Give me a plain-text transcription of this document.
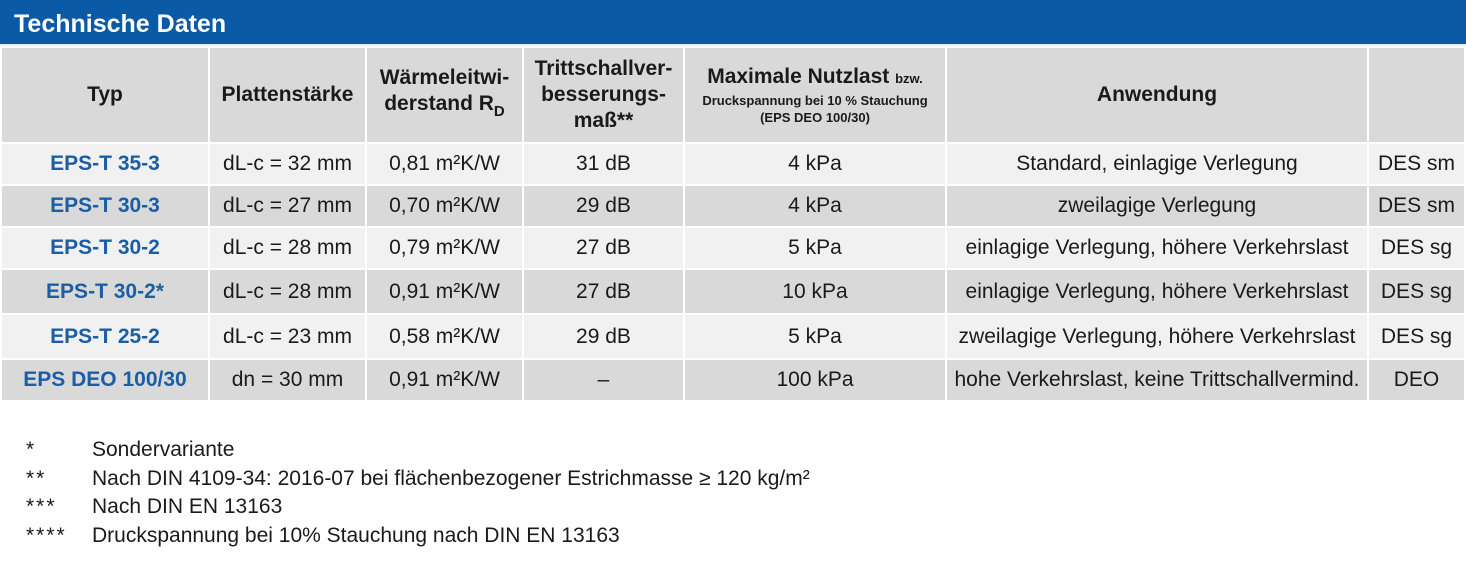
Technische Daten
Typ	Plattenstärke	Wärmeleitwi-
derstand $R_D$	Trittschallver-
besserungs-
maß**	Maximale Nutzlast bzw.
Druckspannung bei 10 % Stauchung
(EPS DEO 100/30)	Anwendung	
EPS-T 35-3	dL-c = 32 mm	0,81 m²K/W	31 dB	4 kPa	Standard, einlagige Verlegung	DES sm
EPS-T 30-3	dL-c = 27 mm	0,70 m²K/W	29 dB	4 kPa	zweilagige Verlegung	DES sm
EPS-T 30-2	dL-c = 28 mm	0,79 m²K/W	27 dB	5 kPa	einlagige Verlegung, höhere Verkehrslast	DES sg
EPS-T 30-2*	dL-c = 28 mm	0,91 m²K/W	27 dB	10 kPa	einlagige Verlegung, höhere Verkehrslast	DES sg
EPS-T 25-2	dL-c = 23 mm	0,58 m²K/W	29 dB	5 kPa	zweilagige Verlegung, höhere Verkehrslast	DES sg
EPS DEO 100/30	dn = 30 mm	0,91 m²K/W	–	100 kPa	hohe Verkehrslast, keine Trittschallvermind.	DEO
*	Sondervariante
**	Nach DIN 4109-34: 2016-07 bei flächenbezogener Estrichmasse ≥ 120 kg/m²
***	Nach DIN EN 13163
****	Druckspannung bei 10% Stauchung nach DIN EN 13163
